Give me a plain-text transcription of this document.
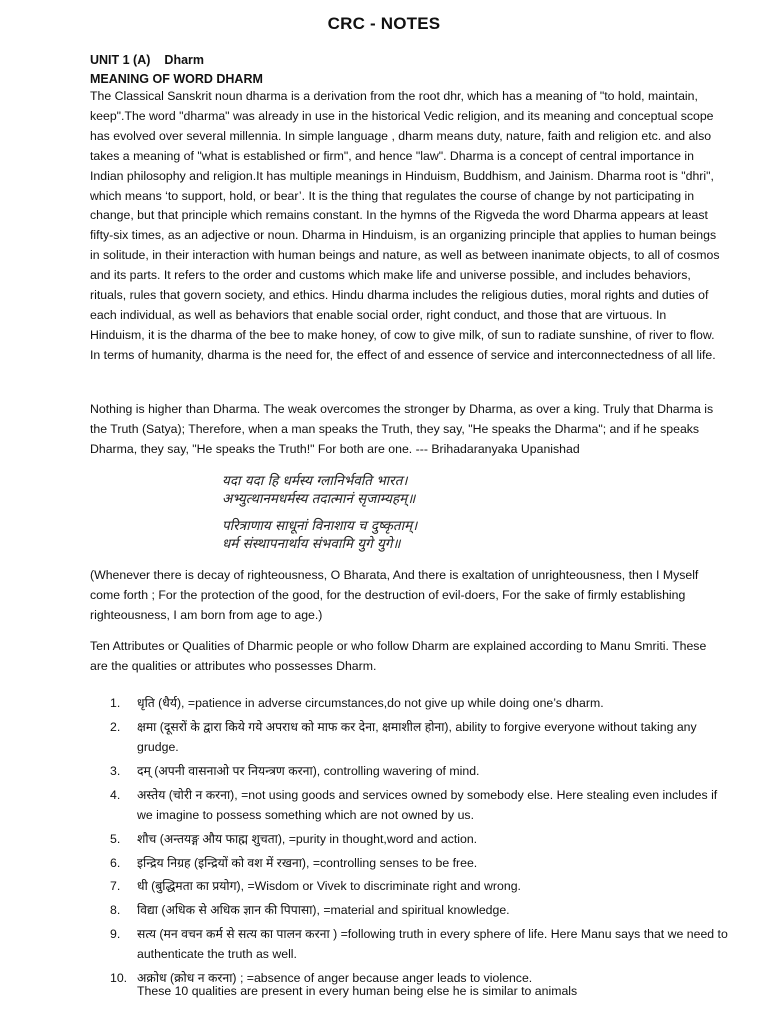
CRC - NOTES
UNIT 1 (A) Dharm
MEANING OF WORD DHARM

The Classical Sanskrit noun dharma is a derivation from the root dhr, which has a meaning of "to hold, maintain, keep".The word "dharma" was already in use in the historical Vedic religion, and its meaning and conceptual scope has evolved over several millennia. In simple language , dharm means duty, nature, faith and religion etc. and also takes a meaning of "what is established or firm", and hence "law". Dharma is a concept of central importance in Indian philosophy and religion.It has multiple meanings in Hinduism, Buddhism, and Jainism. Dharma root is "dhri", which means ‘to support, hold, or bear’. It is the thing that regulates the course of change by not participating in change, but that principle which remains constant. In the hymns of the Rigveda the word Dharma appears at least fifty-six times, as an adjective or noun. Dharma in Hinduism, is an organizing principle that applies to human beings in solitude, in their interaction with human beings and nature, as well as between inanimate objects, to all of cosmos and its parts. It refers to the order and customs which make life and universe possible, and includes behaviors, rituals, rules that govern society, and ethics. Hindu dharma includes the religious duties, moral rights and duties of each individual, as well as behaviors that enable social order, right conduct, and those that are virtuous. In Hinduism, it is the dharma of the bee to make honey, of cow to give milk, of sun to radiate sunshine, of river to flow. In terms of humanity, dharma is the need for, the effect of and essence of service and interconnectedness of all life.

Nothing is higher than Dharma. The weak overcomes the stronger by Dharma, as over a king. Truly that Dharma is the Truth (Satya); Therefore, when a man speaks the Truth, they say, "He speaks the Dharma"; and if he speaks Dharma, they say, "He speaks the Truth!" For both are one. --- Brihadaranyaka Upanishad

यदा यदा हि धर्मस्य ग्लानिर्भवति भारत।
अभ्युत्थानमधर्मस्य तदात्मानं सृजाम्यहम्॥
परित्राणाय साधूनां विनाशाय च दुष्कृताम्।
धर्म संस्थापनार्थाय संभवामि युगे युगे॥

(Whenever there is decay of righteousness, O Bharata, And there is exaltation of unrighteousness, then I Myself come forth ; For the protection of the good, for the destruction of evil-doers, For the sake of firmly establishing righteousness, I am born from age to age.)

Ten Attributes or Qualities of Dharmic people or who follow Dharm are explained according to Manu Smriti. These are the qualities or attributes who possesses Dharm.

1.	धृति (धैर्य), =patience in adverse circumstances,do not give up while doing one’s dharm.
2.	क्षमा (दूसरों के द्वारा किये गये अपराध को माफ कर देना, क्षमाशील होना), ability to forgive everyone without taking any grudge.
3.	दम् (अपनी वासनाओ पर नियन्त्रण करना), controlling wavering of mind.
4.	अस्तेय (चोरी न करना), =not using goods and services owned by somebody else. Here stealing even includes if we imagine to possess something which are not owned by us.
5.	शौच (अन्तयङ्ग औय फाह्म शुचता), =purity in thought,word and action.
6.	इन्द्रिय निग्रह (इन्द्रियों को वश में रखना), =controlling senses to be free.
7.	धी (बुद्धिमता का प्रयोग), =Wisdom or Vivek to discriminate right and wrong.
8.	विद्या (अधिक से अधिक ज्ञान की पिपासा), =material and spiritual knowledge.
9.	सत्य (मन वचन कर्म से सत्य का पालन करना ) =following truth in every sphere of life. Here Manu says that we need to authenticate the truth as well.
10. अक्रोध (क्रोध न करना) ; =absence of anger because anger leads to violence.
These 10 qualities are present in every human being else he is similar to animals
